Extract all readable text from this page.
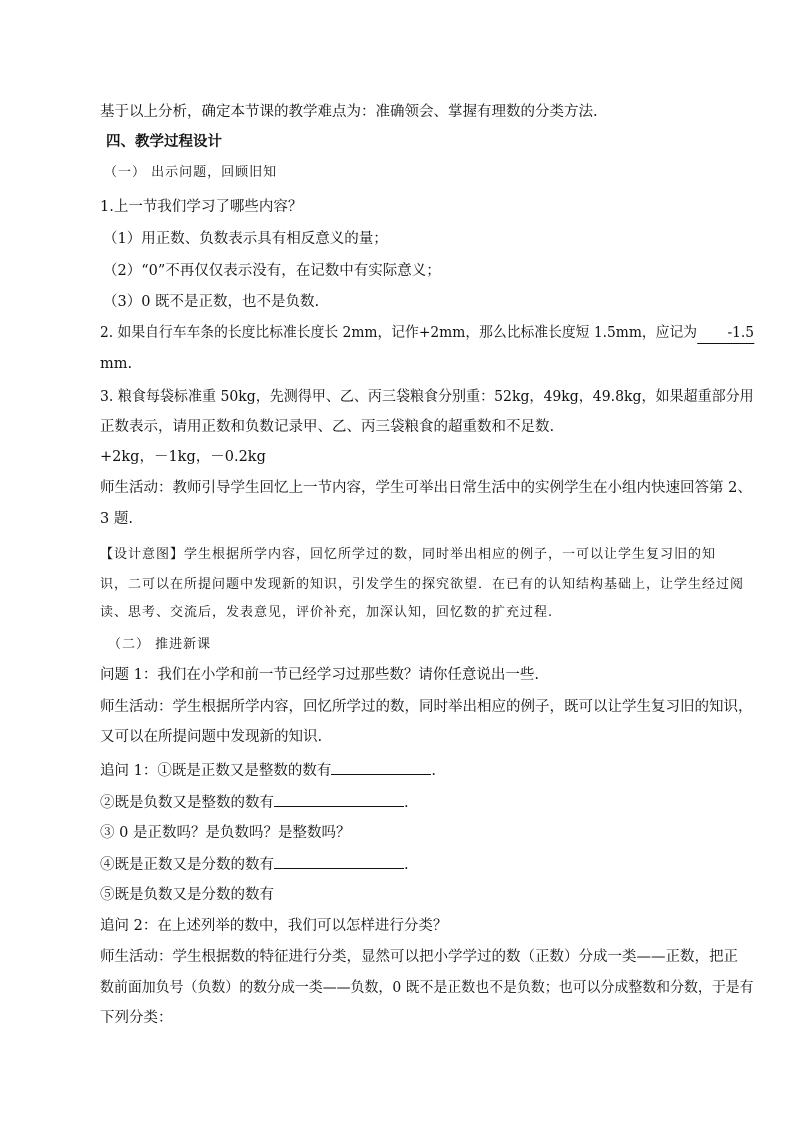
基于以上分析，确定本节课的教学难点为：准确领会、掌握有理数的分类方法.
四、教学过程设计
（一） 出示问题，回顾旧知
1.上一节我们学习了哪些内容？
（1）用正数、负数表示具有相反意义的量；
（2）“0”不再仅仅表示没有，在记数中有实际意义；
（3）0 既不是正数，也不是负数.
2. 如果自行车车条的长度比标准长度长 2mm，记作+2mm，那么比标准长度短 1.5mm，应记为 -1.5
mm.
3. 粮食每袋标准重 50kg，先测得甲、乙、丙三袋粮食分别重：52kg，49kg，49.8kg，如果超重部分用
正数表示，请用正数和负数记录甲、乙、丙三袋粮食的超重数和不足数.
+2kg，－1kg，－0.2kg
师生活动：教师引导学生回忆上一节内容，学生可举出日常生活中的实例学生在小组内快速回答第 2、
3 题.
【设计意图】学生根据所学内容，回忆所学过的数，同时举出相应的例子，一可以让学生复习旧的知
识，二可以在所提问题中发现新的知识，引发学生的探究欲望．在已有的认知结构基础上，让学生经过阅
读、思考、交流后，发表意见，评价补充，加深认知，回忆数的扩充过程.
（二） 推进新课
问题 1：我们在小学和前一节已经学习过那些数？请你任意说出一些.
师生活动：学生根据所学内容，回忆所学过的数，同时举出相应的例子，既可以让学生复习旧的知识，
又可以在所提问题中发现新的知识.
追问 1：①既是正数又是整数的数有	.
②既是负数又是整数的数有	.
③ 0 是正数吗？是负数吗？是整数吗？
④既是正数又是分数的数有	.
⑤既是负数又是分数的数有
追问 2：在上述列举的数中，我们可以怎样进行分类？
师生活动：学生根据数的特征进行分类，显然可以把小学学过的数（正数）分成一类——正数，把正
数前面加负号（负数）的数分成一类——负数，0 既不是正数也不是负数；也可以分成整数和分数，于是有
下列分类：
